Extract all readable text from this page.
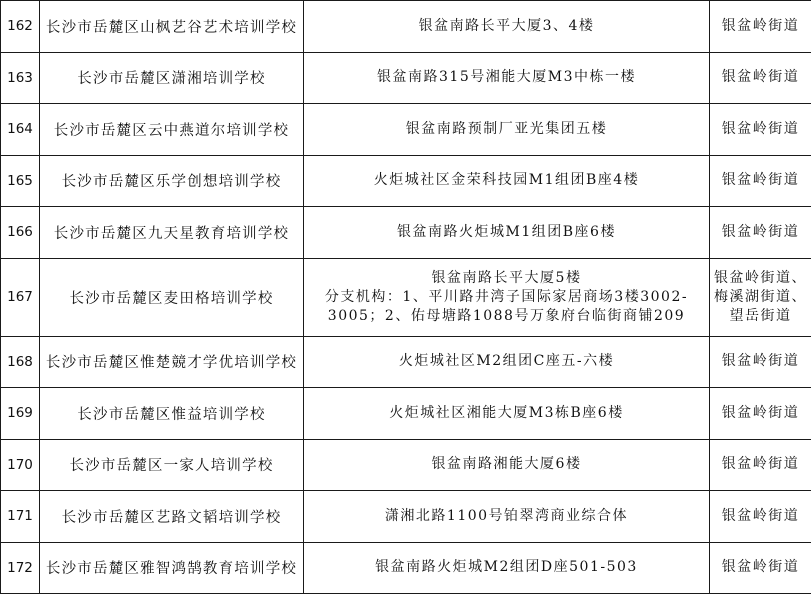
162	长沙市岳麓区山枫艺谷艺术培训学校	银盆南路长平大厦3、4楼	银盆岭街道

163	长沙市岳麓区潇湘培训学校	银盆南路315号湘能大厦M3中栋一楼	银盆岭街道

164	长沙市岳麓区云中燕道尔培训学校	银盆南路预制厂亚光集团五楼	银盆岭街道

165	长沙市岳麓区乐学创想培训学校	火炬城社区金荣科技园M1组团B座4楼	银盆岭街道

166	长沙市岳麓区九天星教育培训学校	银盆南路火炬城M1组团B座6楼	银盆岭街道

167	长沙市岳麓区麦田格培训学校	银盆南路长平大厦5楼
分支机构：1、平川路井湾子国际家居商场3楼3002-
3005；2、佑母塘路1088号万象府台临街商铺209	银盆岭街道、
梅溪湖街道、
望岳街道

168	长沙市岳麓区惟楚競才学优培训学校	火炬城社区M2组团C座五-六楼	银盆岭街道

169	长沙市岳麓区惟益培训学校	火炬城社区湘能大厦M3栋B座6楼	银盆岭街道

170	长沙市岳麓区一家人培训学校	银盆南路湘能大厦6楼	银盆岭街道

171	长沙市岳麓区艺路文韬培训学校	潇湘北路1100号铂翠湾商业综合体	银盆岭街道

172	长沙市岳麓区雅智鸿鹄教育培训学校	银盆南路火炬城M2组团D座501-503	银盆岭街道
